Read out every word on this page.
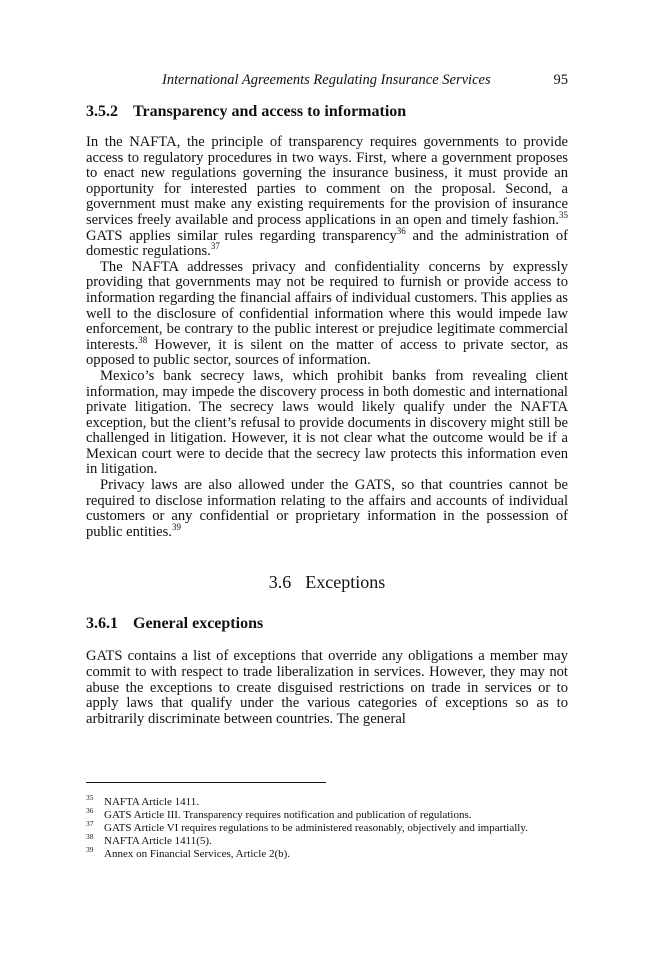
International Agreements Regulating Insurance Services	95
3.5.2 Transparency and access to information

In the NAFTA, the principle of transparency requires governments to provide access to regulatory procedures in two ways. First, where a government proposes to enact new regulations governing the insurance business, it must provide an opportunity for interested parties to comment on the proposal. Second, a government must make any existing requirements for the provision of insurance services freely available and process applications in an open and timely fashion.$^{35}$ GATS applies similar rules regarding transparency$^{36}$ and the administration of domestic regulations.$^{37}$

The NAFTA addresses privacy and confidentiality concerns by expressly providing that governments may not be required to furnish or provide access to information regarding the financial affairs of individual customers. This applies as well to the disclosure of confidential information where this would impede law enforcement, be contrary to the public interest or prejudice legitimate commercial interests.$^{38}$ However, it is silent on the matter of access to private sector, as opposed to public sector, sources of information.

Mexico’s bank secrecy laws, which prohibit banks from revealing client information, may impede the discovery process in both domestic and international private litigation. The secrecy laws would likely qualify under the NAFTA exception, but the client’s refusal to provide documents in discovery might still be challenged in litigation. However, it is not clear what the outcome would be if a Mexican court were to decide that the secrecy law protects this information even in litigation.

Privacy laws are also allowed under the GATS, so that countries cannot be required to disclose information relating to the affairs and accounts of individual customers or any confidential or proprietary information in the possession of public entities.$^{39}$

3.6 Exceptions
3.6.1 General exceptions

GATS contains a list of exceptions that override any obligations a member may commit to with respect to trade liberalization in services. However, they may not abuse the exceptions to create disguised restrictions on trade in services or to apply laws that qualify under the various categories of exceptions so as to arbitrarily discriminate between countries. The general

35 NAFTA Article 1411.
36 GATS Article III. Transparency requires notification and publication of regulations.
37 GATS Article VI requires regulations to be administered reasonably, objectively and impartially.
38 NAFTA Article 1411(5).
39 Annex on Financial Services, Article 2(b).
